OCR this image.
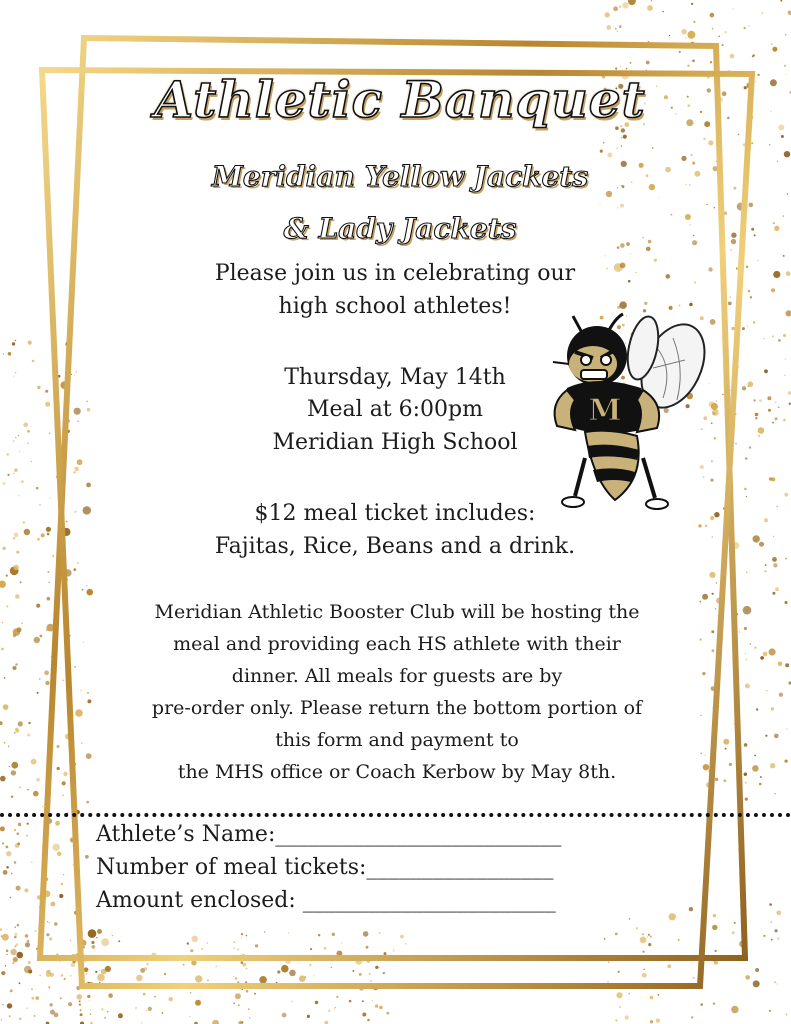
Athletic Banquet
Meridian Yellow Jackets
& Lady Jackets
Please join us in celebrating our
high school athletes!
Thursday, May 14th
Meal at 6:00pm
Meridian High School
$12 meal ticket includes:
Fajitas, Rice, Beans and a drink.
Meridian Athletic Booster Club will be hosting the
meal and providing each HS athlete with their
dinner. All meals for guests are by
pre-order only. Please return the bottom portion of
this form and payment to
the MHS office or Coach Kerbow by May 8th.
M
Athlete’s Name:__________________________
Number of meal tickets:_________________
Amount enclosed: _______________________
